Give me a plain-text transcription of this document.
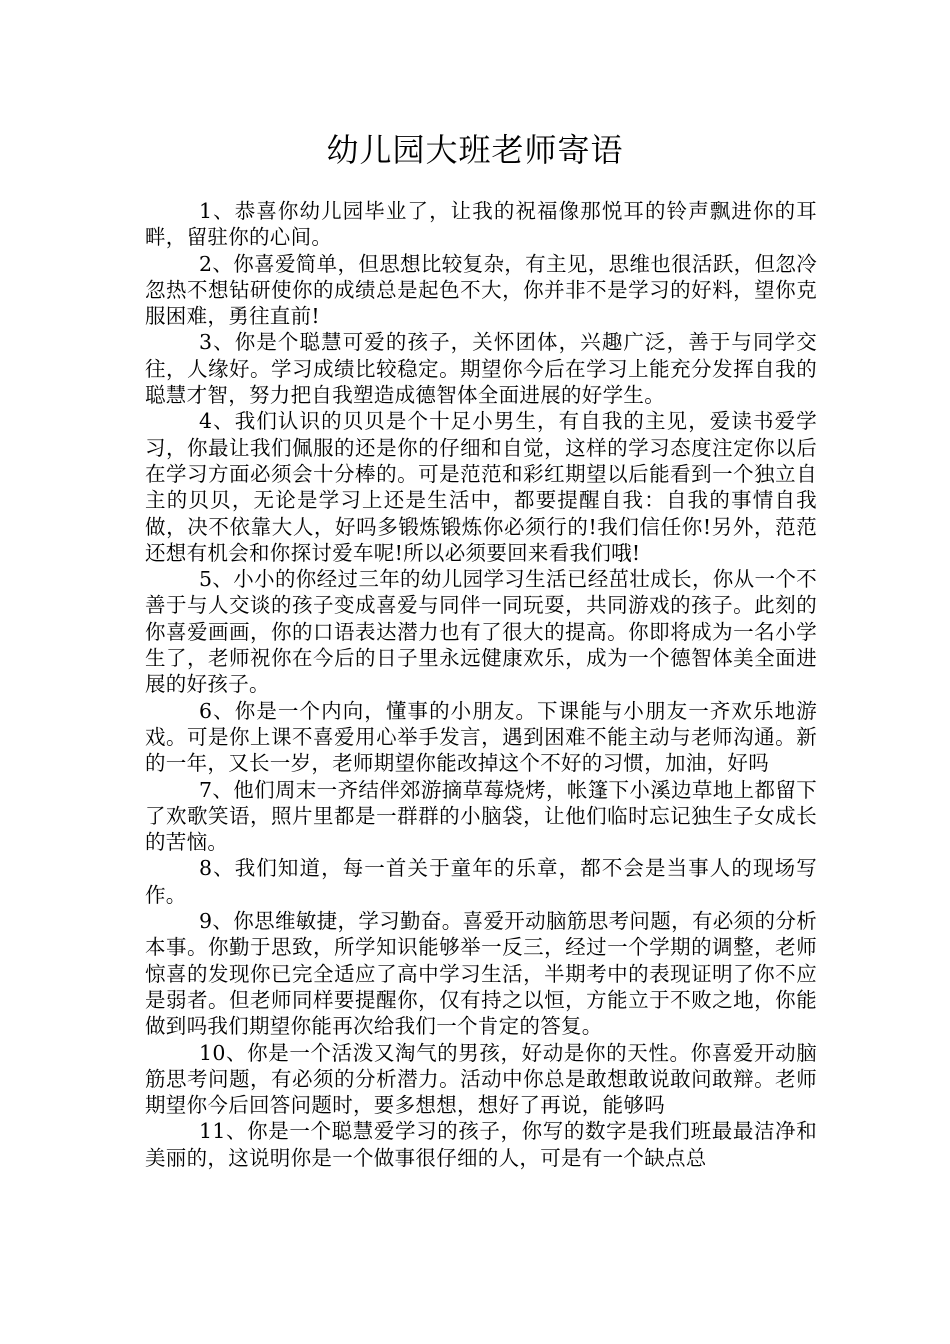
幼儿园大班老师寄语

1、恭喜你幼儿园毕业了，让我的祝福像那悦耳的铃声飘进你的耳畔，留驻你的心间。

2、你喜爱简单，但思想比较复杂，有主见，思维也很活跃，但忽冷忽热不想钻研使你的成绩总是起色不大，你并非不是学习的好料，望你克服困难，勇往直前!

3、你是个聪慧可爱的孩子，关怀团体，兴趣广泛，善于与同学交往，人缘好。学习成绩比较稳定。期望你今后在学习上能充分发挥自我的聪慧才智，努力把自我塑造成德智体全面进展的好学生。

4、我们认识的贝贝是个十足小男生，有自我的主见，爱读书爱学习，你最让我们佩服的还是你的仔细和自觉，这样的学习态度注定你以后在学习方面必须会十分棒的。可是范范和彩红期望以后能看到一个独立自主的贝贝，无论是学习上还是生活中，都要提醒自我：自我的事情自我做，决不依靠大人，好吗多锻炼锻炼你必须行的!我们信任你!另外，范范还想有机会和你探讨爱车呢!所以必须要回来看我们哦!

5、小小的你经过三年的幼儿园学习生活已经茁壮成长，你从一个不善于与人交谈的孩子变成喜爱与同伴一同玩耍，共同游戏的孩子。此刻的你喜爱画画，你的口语表达潜力也有了很大的提高。你即将成为一名小学生了，老师祝你在今后的日子里永远健康欢乐，成为一个德智体美全面进展的好孩子。

6、你是一个内向，懂事的小朋友。下课能与小朋友一齐欢乐地游戏。可是你上课不喜爱用心举手发言，遇到困难不能主动与老师沟通。新的一年，又长一岁，老师期望你能改掉这个不好的习惯，加油，好吗

7、他们周末一齐结伴郊游摘草莓烧烤，帐篷下小溪边草地上都留下了欢歌笑语，照片里都是一群群的小脑袋，让他们临时忘记独生子女成长的苦恼。

8、我们知道，每一首关于童年的乐章，都不会是当事人的现场写作。

9、你思维敏捷，学习勤奋。喜爱开动脑筋思考问题，有必须的分析本事。你勤于思致，所学知识能够举一反三，经过一个学期的调整，老师惊喜的发现你已完全适应了高中学习生活，半期考中的表现证明了你不应是弱者。但老师同样要提醒你，仅有持之以恒，方能立于不败之地，你能做到吗我们期望你能再次给我们一个肯定的答复。

10、你是一个活泼又淘气的男孩，好动是你的天性。你喜爱开动脑筋思考问题，有必须的分析潜力。活动中你总是敢想敢说敢问敢辩。老师期望你今后回答问题时，要多想想，想好了再说，能够吗

11、你是一个聪慧爱学习的孩子，你写的数字是我们班最最洁净和美丽的，这说明你是一个做事很仔细的人，可是有一个缺点总
